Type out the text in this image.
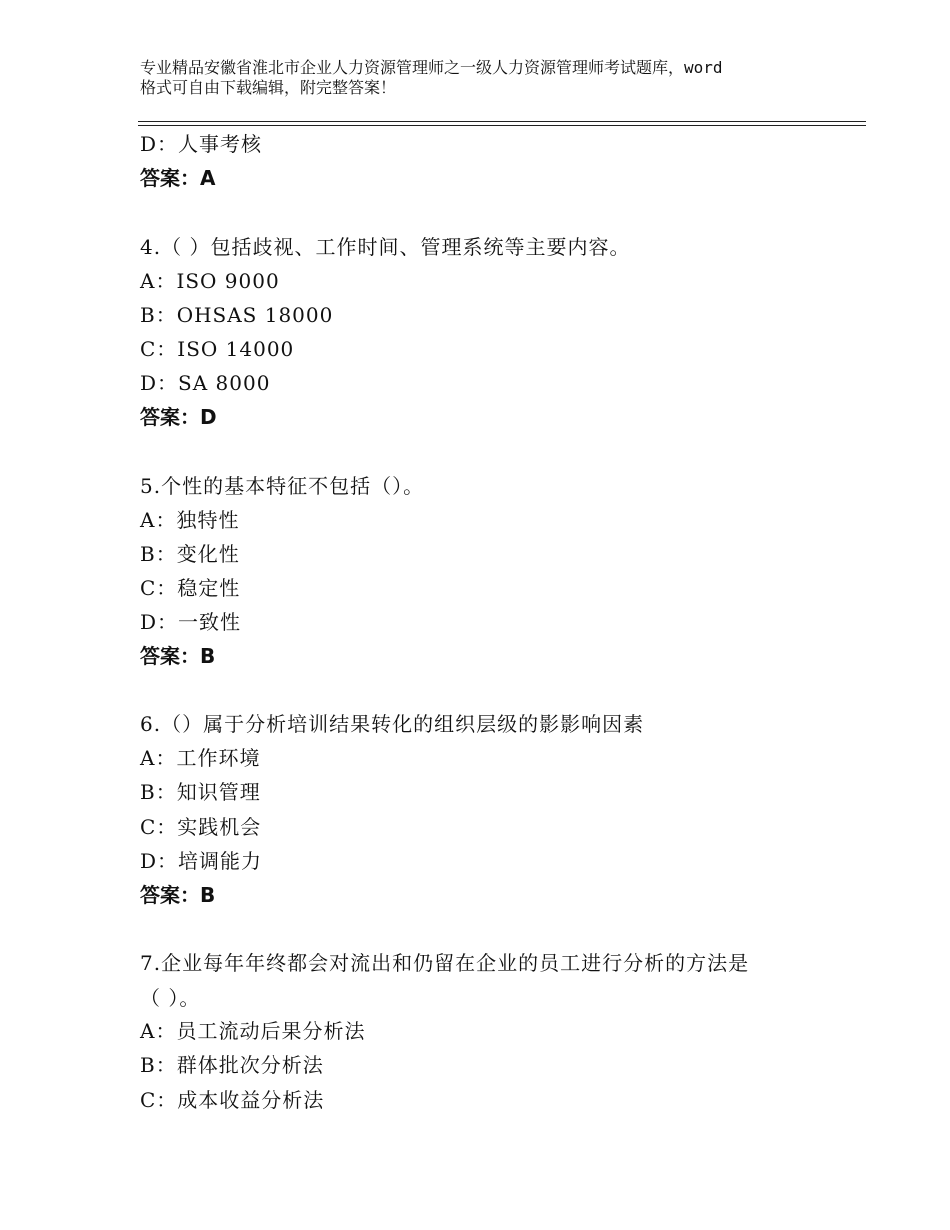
专业精品安徽省淮北市企业人力资源管理师之一级人力资源管理师考试题库，word
格式可自由下载编辑，附完整答案！
D：人事考核
答案：A
4.（ ）包括歧视、工作时间、管理系统等主要内容。
A：ISO 9000
B：OHSAS 18000
C：ISO 14000
D：SA 8000
答案：D
5.个性的基本特征不包括（）。
A：独特性
B：变化性
C：稳定性
D：一致性
答案：B
6.（）属于分析培训结果转化的组织层级的影影响因素
A：工作环境
B：知识管理
C：实践机会
D：培调能力
答案：B
7.企业每年年终都会对流出和仍留在企业的员工进行分析的方法是
（ ）。
A：员工流动后果分析法
B：群体批次分析法
C：成本收益分析法
